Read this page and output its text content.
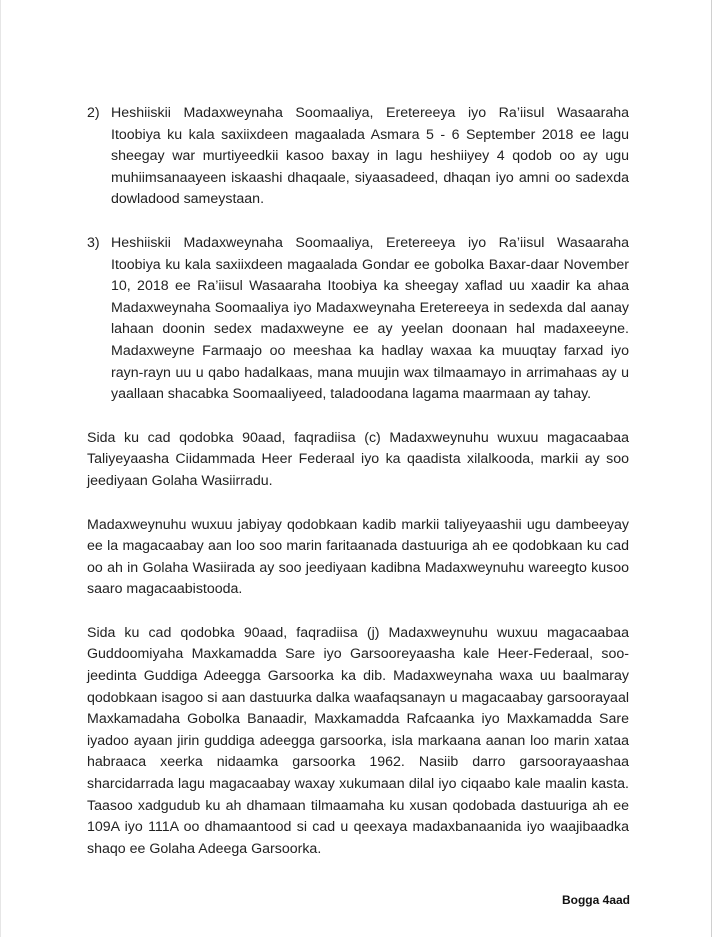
2) Heshiiskii Madaxweynaha Soomaaliya, Eretereeya iyo Ra’iisul Wasaaraha Itoobiya ku kala saxiixdeen magaalada Asmara 5 - 6 September 2018 ee lagu sheegay war murtiyeedkii kasoo baxay in lagu heshiiyey 4 qodob oo ay ugu muhiimsanaayeen iskaashi dhaqaale, siyaasadeed, dhaqan iyo amni oo sadexda dowladood sameystaan.
3) Heshiiskii Madaxweynaha Soomaaliya, Eretereeya iyo Ra’iisul Wasaaraha Itoobiya ku kala saxiixdeen magaalada Gondar ee gobolka Baxar-daar November 10, 2018 ee Ra’iisul Wasaaraha Itoobiya ka sheegay xaflad uu xaadir ka ahaa Madaxweynaha Soomaaliya iyo Madaxweynaha Eretereeya in sedexda dal aanay lahaan doonin sedex madaxweyne ee ay yeelan doonaan hal madaxeeyne. Madaxweyne Farmaajo oo meeshaa ka hadlay waxaa ka muuqtay farxad iyo rayn-rayn uu u qabo hadalkaas, mana muujin wax tilmaamayo in arrimahaas ay u yaallaan shacabka Soomaaliyeed, taladoodana lagama maarmaan ay tahay.

Sida ku cad qodobka 90aad, faqradiisa (c) Madaxweynuhu wuxuu magacaabaa Taliyeyaasha Ciidammada Heer Federaal iyo ka qaadista xilalkooda, markii ay soo jeediyaan Golaha Wasiirradu.

Madaxweynuhu wuxuu jabiyay qodobkaan kadib markii taliyeyaashii ugu dambeeyay ee la magacaabay aan loo soo marin faritaanada dastuuriga ah ee qodobkaan ku cad oo ah in Golaha Wasiirada ay soo jeediyaan kadibna Madaxweynuhu wareegto kusoo saaro magacaabistooda.

Sida ku cad qodobka 90aad, faqradiisa (j) Madaxweynuhu wuxuu magacaabaa Guddoomiyaha Maxkamadda Sare iyo Garsooreyaasha kale Heer-Federaal, soo-jeedinta Guddiga Adeegga Garsoorka ka dib. Madaxweynaha waxa uu baalmaray qodobkaan isagoo si aan dastuurka dalka waafaqsanayn u magacaabay garsoorayaal Maxkamadaha Gobolka Banaadir, Maxkamadda Rafcaanka iyo Maxkamadda Sare iyadoo ayaan jirin guddiga adeegga garsoorka, isla markaana aanan loo marin xataa habraaca xeerka nidaamka garsoorka 1962. Nasiib darro garsoorayaashaa sharcidarrada lagu magacaabay waxay xukumaan dilal iyo ciqaabo kale maalin kasta. Taasoo xadgudub ku ah dhamaan tilmaamaha ku xusan qodobada dastuuriga ah ee 109A iyo 111A oo dhamaantood si cad u qeexaya madaxbanaanida iyo waajibaadka shaqo ee Golaha Adeega Garsoorka.

Bogga 4aad
